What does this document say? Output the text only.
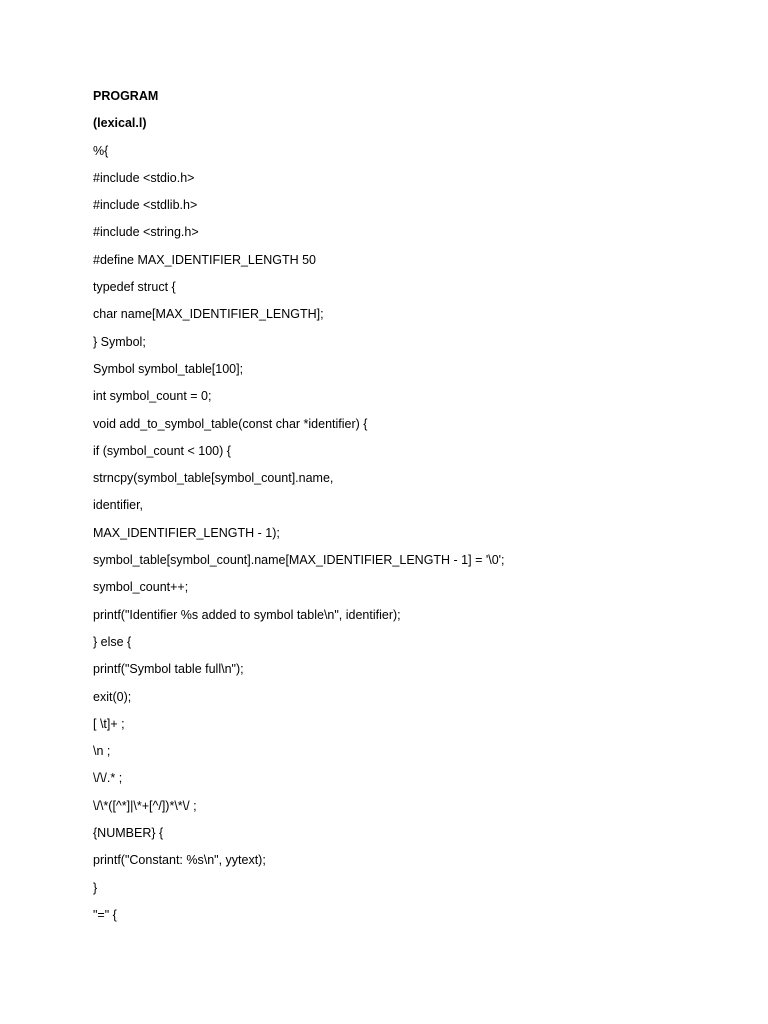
PROGRAM
(lexical.l)
%{
#include <stdio.h>
#include <stdlib.h>
#include <string.h>
#define MAX_IDENTIFIER_LENGTH 50
typedef struct {
char name[MAX_IDENTIFIER_LENGTH];
} Symbol;
Symbol symbol_table[100];
int symbol_count = 0;
void add_to_symbol_table(const char *identifier) {
if (symbol_count < 100) {
strncpy(symbol_table[symbol_count].name,
identifier,
MAX_IDENTIFIER_LENGTH - 1);
symbol_table[symbol_count].name[MAX_IDENTIFIER_LENGTH - 1] = '\0';
symbol_count++;
printf("Identifier %s added to symbol table\n", identifier);
} else {
printf("Symbol table full\n");
exit(0);
[ \t]+ ;
\n ;
\/\/.* ;
\/\*([^*]|\*+[^/])*\*\/ ;
{NUMBER} {
printf("Constant: %s\n", yytext);
}
"=" {
